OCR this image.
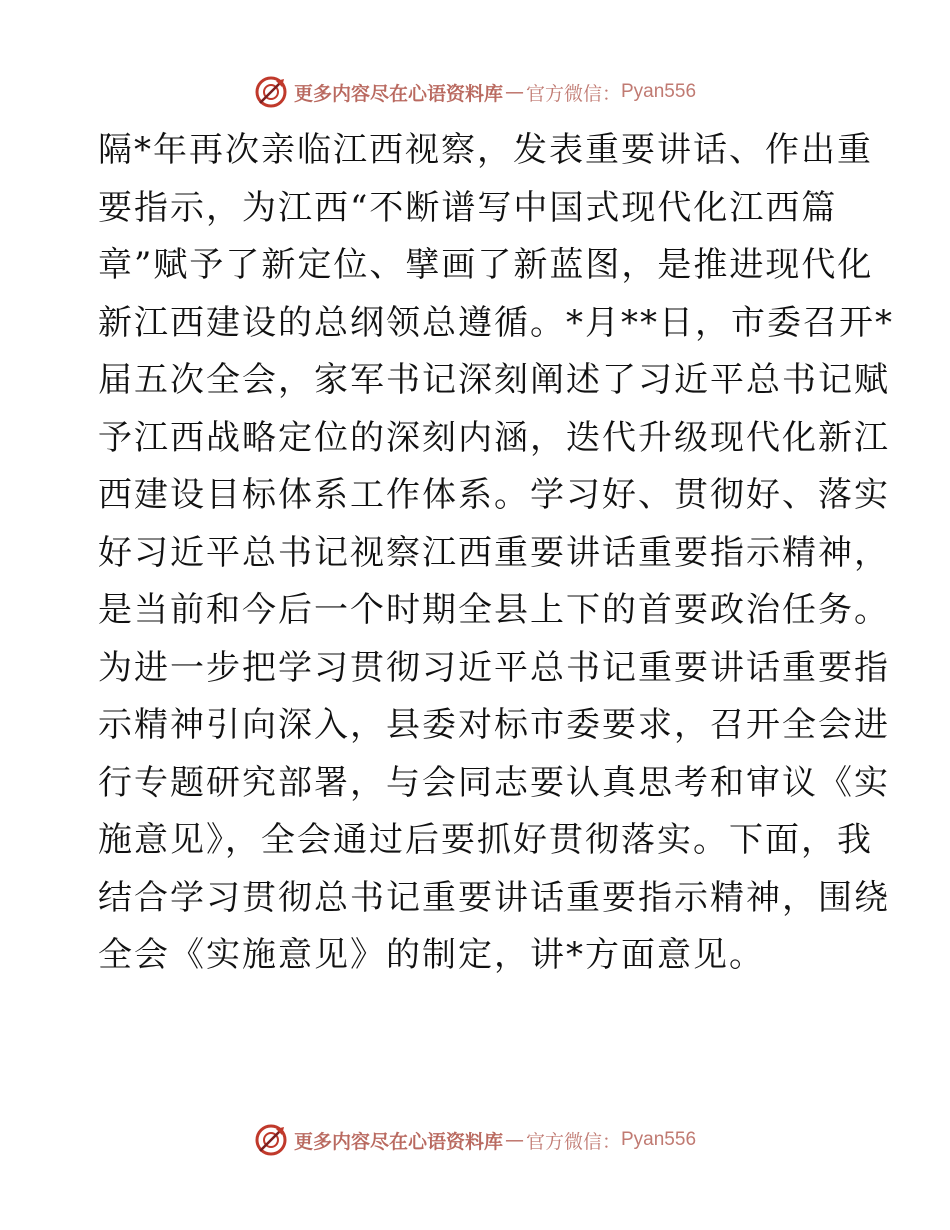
更多内容尽在心语资料库 — 官方微信： Pyan556
隔*年再次亲临江西视察，发表重要讲话、作出重
要指示，为江西“不断谱写中国式现代化江西篇
章”赋予了新定位、擘画了新蓝图，是推进现代化
新江西建设的总纲领总遵循。*月**日，市委召开*
届五次全会，家军书记深刻阐述了习近平总书记赋
予江西战略定位的深刻内涵，迭代升级现代化新江
西建设目标体系工作体系。学习好、贯彻好、落实
好习近平总书记视察江西重要讲话重要指示精神，
是当前和今后一个时期全县上下的首要政治任务。
为进一步把学习贯彻习近平总书记重要讲话重要指
示精神引向深入，县委对标市委要求，召开全会进
行专题研究部署，与会同志要认真思考和审议《实
施意见》，全会通过后要抓好贯彻落实。下面，我
结合学习贯彻总书记重要讲话重要指示精神，围绕
全会《实施意见》的制定，讲*方面意见。
更多内容尽在心语资料库 — 官方微信： Pyan556
